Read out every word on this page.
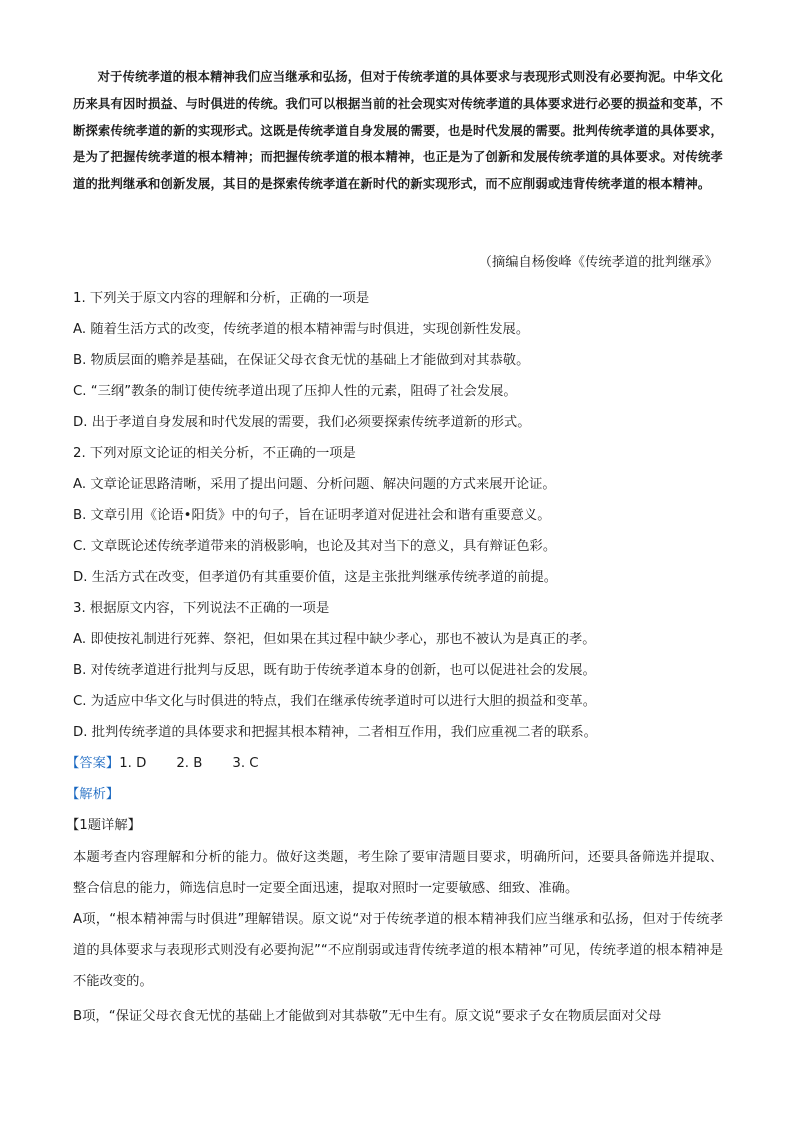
对于传统孝道的根本精神我们应当继承和弘扬，但对于传统孝道的具体要求与表现形式则没有必要拘泥。中华文化历来具有因时损益、与时俱进的传统。我们可以根据当前的社会现实对传统孝道的具体要求进行必要的损益和变革，不断探索传统孝道的新的实现形式。这既是传统孝道自身发展的需要，也是时代发展的需要。批判传统孝道的具体要求，是为了把握传统孝道的根本精神；而把握传统孝道的根本精神，也正是为了创新和发展传统孝道的具体要求。对传统孝道的批判继承和创新发展，其目的是探索传统孝道在新时代的新实现形式，而不应削弱或违背传统孝道的根本精神。

（摘编自杨俊峰《传统孝道的批判继承》
1. 下列关于原文内容的理解和分析，正确的一项是
A. 随着生活方式的改变，传统孝道的根本精神需与时俱进，实现创新性发展。
B. 物质层面的赡养是基础，在保证父母衣食无忧的基础上才能做到对其恭敬。
C. “三纲”教条的制订使传统孝道出现了压抑人性的元素，阻碍了社会发展。
D. 出于孝道自身发展和时代发展的需要，我们必须要探索传统孝道新的形式。
2. 下列对原文论证的相关分析，不正确的一项是
A. 文章论证思路清晰，采用了提出问题、分析问题、解决问题的方式来展开论证。
B. 文章引用《论语•阳货》中的句子，旨在证明孝道对促进社会和谐有重要意义。
C. 文章既论述传统孝道带来的消极影响，也论及其对当下的意义，具有辩证色彩。
D. 生活方式在改变，但孝道仍有其重要价值，这是主张批判继承传统孝道的前提。
3. 根据原文内容，下列说法不正确的一项是
A. 即使按礼制进行死葬、祭祀，但如果在其过程中缺少孝心，那也不被认为是真正的孝。
B. 对传统孝道进行批判与反思，既有助于传统孝道本身的创新，也可以促进社会的发展。
C. 为适应中华文化与时俱进的特点，我们在继承传统孝道时可以进行大胆的损益和变革。
D. 批判传统孝道的具体要求和把握其根本精神，二者相互作用，我们应重视二者的联系。
【答案】1. D 2. B 3. C
【解析】
【1题详解】

本题考查内容理解和分析的能力。做好这类题，考生除了要审清题目要求，明确所问，还要具备筛选并提取、整合信息的能力，筛选信息时一定要全面迅速，提取对照时一定要敏感、细致、准确。

A项，“根本精神需与时俱进”理解错误。原文说“对于传统孝道的根本精神我们应当继承和弘扬，但对于传统孝道的具体要求与表现形式则没有必要拘泥”“不应削弱或违背传统孝道的根本精神”可见，传统孝道的根本精神是不能改变的。

B项，“保证父母衣食无忧的基础上才能做到对其恭敬”无中生有。原文说“要求子女在物质层面对父母
